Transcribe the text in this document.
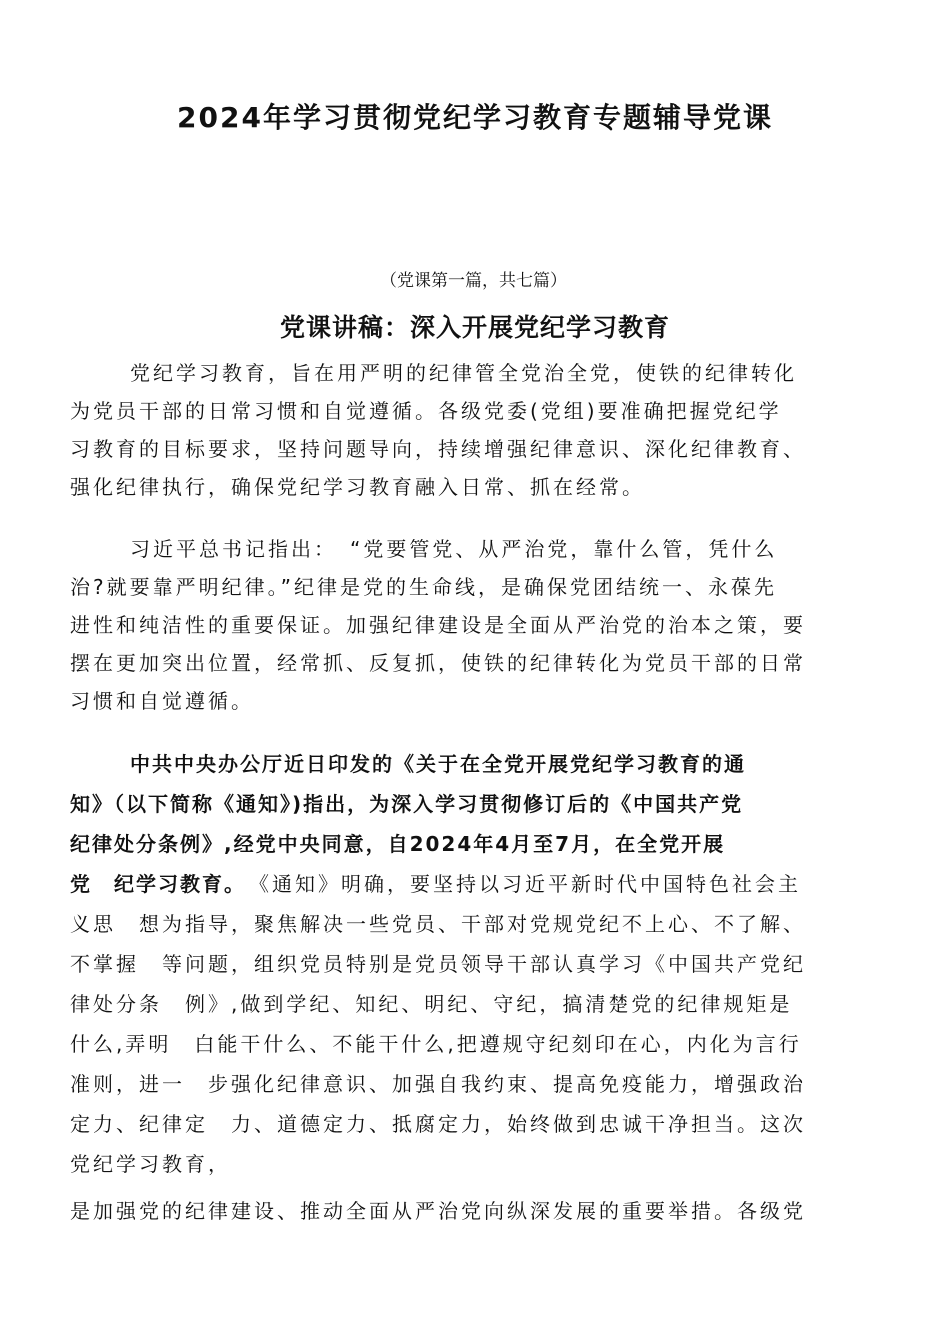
2024年学习贯彻党纪学习教育专题辅导党课
（党课第一篇，共七篇）
党课讲稿：深入开展党纪学习教育
党纪学习教育，旨在用严明的纪律管全党治全党，使铁的纪律转化
为党员干部的日常习惯和自觉遵循。各级党委(党组)要准确把握党纪学
习教育的目标要求，坚持问题导向，持续增强纪律意识、深化纪律教育、
强化纪律执行，确保党纪学习教育融入日常、抓在经常。
习近平总书记指出：　“党要管党、从严治党，靠什么管，凭什么
治?就要靠严明纪律。”纪律是党的生命线，是确保党团结统一、永葆先
进性和纯洁性的重要保证。加强纪律建设是全面从严治党的治本之策，要
摆在更加突出位置，经常抓、反复抓，使铁的纪律转化为党员干部的日常
习惯和自觉遵循。
中共中央办公厅近日印发的《关于在全党开展党纪学习教育的通
知》（以下简称《通知》)指出，为深入学习贯彻修订后的《中国共产党
纪律处分条例》,经党中央同意，自2024年4月至7月，在全党开展
党　纪学习教育。　 《通知》明确，要坚持以习近平新时代中国特色社会主
义思　想为指导，聚焦解决一些党员、干部对党规党纪不上心、不了解、
不掌握　等问题，组织党员特别是党员领导干部认真学习《中国共产党纪
律处分条　例》,做到学纪、知纪、明纪、守纪，搞清楚党的纪律规矩是
什么,弄明　白能干什么、不能干什么,把遵规守纪刻印在心，内化为言行
准则，进一　步强化纪律意识、加强自我约束、提高免疫能力，增强政治
定力、纪律定　力、道德定力、抵腐定力，始终做到忠诚干净担当。这次
党纪学习教育，
是加强党的纪律建设、推动全面从严治党向纵深发展的重要举措。各级党
